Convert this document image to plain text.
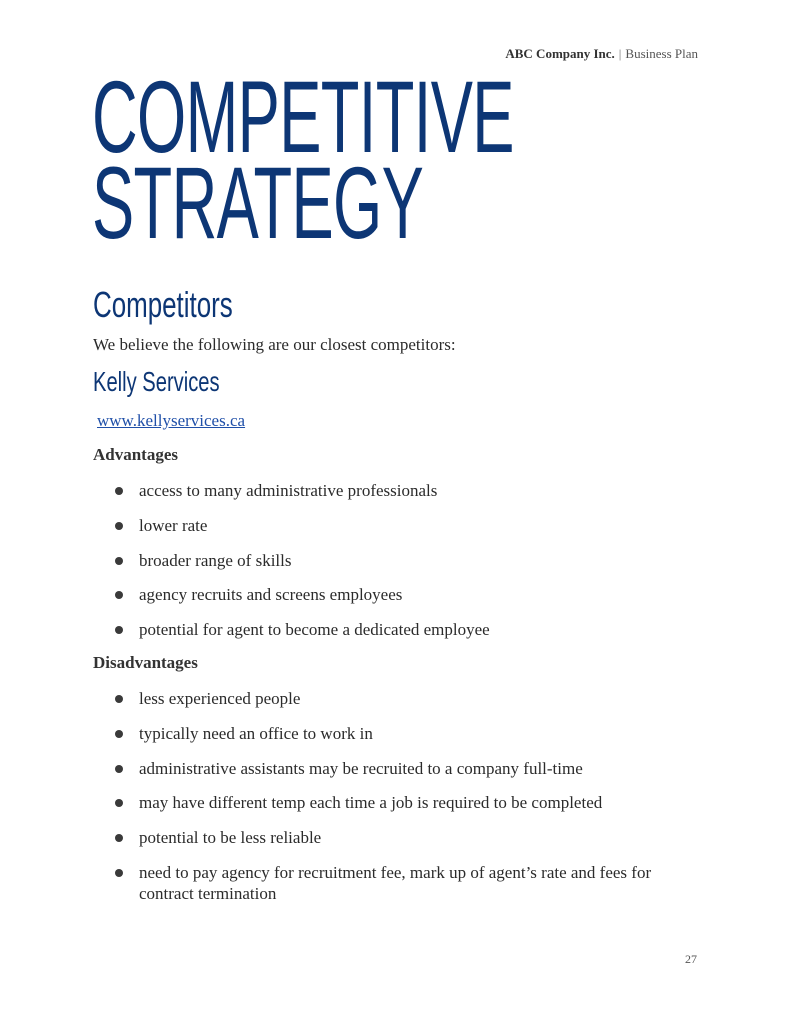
ABC Company Inc. | Business Plan
COMPETITIVE
STRATEGY
Competitors

We believe the following are our closest competitors:

Kelly Services
www.kellyservices.ca

Advantages

access to many administrative professionals
lower rate
broader range of skills
agency recruits and screens employees
potential for agent to become a dedicated employee

Disadvantages

less experienced people
typically need an office to work in
administrative assistants may be recruited to a company full-time
may have different temp each time a job is required to be completed
potential to be less reliable
need to pay agency for recruitment fee, mark up of agent’s rate and fees for contract termination
27
